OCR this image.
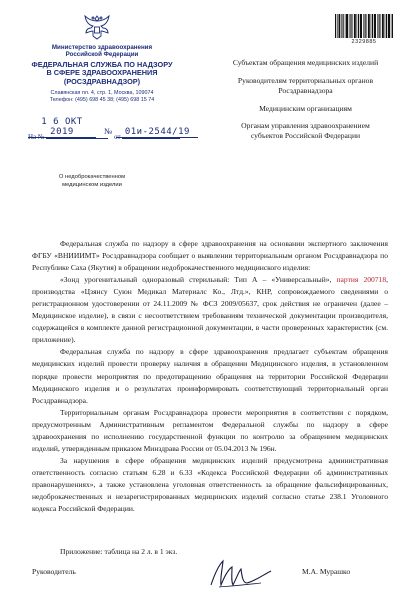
Министерство здравоохранения
Российской Федерации
ФЕДЕРАЛЬНАЯ СЛУЖБА ПО НАДЗОРУ
В СФЕРЕ ЗДРАВООХРАНЕНИЯ
(РОСЗДРАВНАДЗОР)
Славянская пл. 4, стр. 1, Москва, 109074
Телефон: (495) 698 45 38; (495) 698 15 74
1 6 ОКТ 2019	№ 01и-2544/19
На №	от
О недоброкачественном
медицинском изделии
2329885
Субъектам обращения медицинских изделий
Руководителям территориальных органов Росздравнадзора
Медицинским организациям
Органам управления здравоохранением субъектов Российской Федерации

Федеральная служба по надзору в сфере здравоохранения на основании экспертного заключения ФГБУ «ВНИИИМТ» Росздравнадзора сообщает о выявлении территориальным органом Росздравнадзора по Республике Саха (Якутия) в обращении недоброкачественного медицинского изделия:

«Зонд урогенитальный одноразовый стерильный: Тип А – «Универсальный», партия 200718, производства «Цзянсу Суюн Медикал Материалс Ко., Лтд.», КНР, сопровождаемого сведениями о регистрационном удостоверении от 24.11.2009 № ФСЗ 2009/05637, срок действия не ограничен (далее – Медицинское изделие), в связи с несоответствием требованиям технической документации производителя, содержащейся в комплекте данной регистрационной документации, в части проверенных характеристик (см. приложение).

Федеральная служба по надзору в сфере здравоохранения предлагает субъектам обращения медицинских изделий провести проверку наличия в обращении Медицинского изделия, в установленном порядке провести мероприятия по предотвращению обращения на территории Российской Федерации Медицинского изделия и о результатах проинформировать соответствующий территориальный орган Росздравнадзора.

Территориальным органам Росздравнадзора провести мероприятия в соответствии с порядком, предусмотренным Административным регламентом Федеральной службы по надзору в сфере здравоохранения по исполнению государственной функции по контролю за обращением медицинских изделий, утвержденным приказом Минздрава России от 05.04.2013 № 196н.

За нарушения в сфере обращения медицинских изделий предусмотрена административная ответственность согласно статьям 6.28 и 6.33 «Кодекса Российской Федерации об административных правонарушениях», а также установлена уголовная ответственность за обращение фальсифицированных, недоброкачественных и незарегистрированных медицинских изделий согласно статье 238.1 Уголовного кодекса Российской Федерации.

Приложение: таблица на 2 л. в 1 экз.
Руководитель	М.А. Мурашко
